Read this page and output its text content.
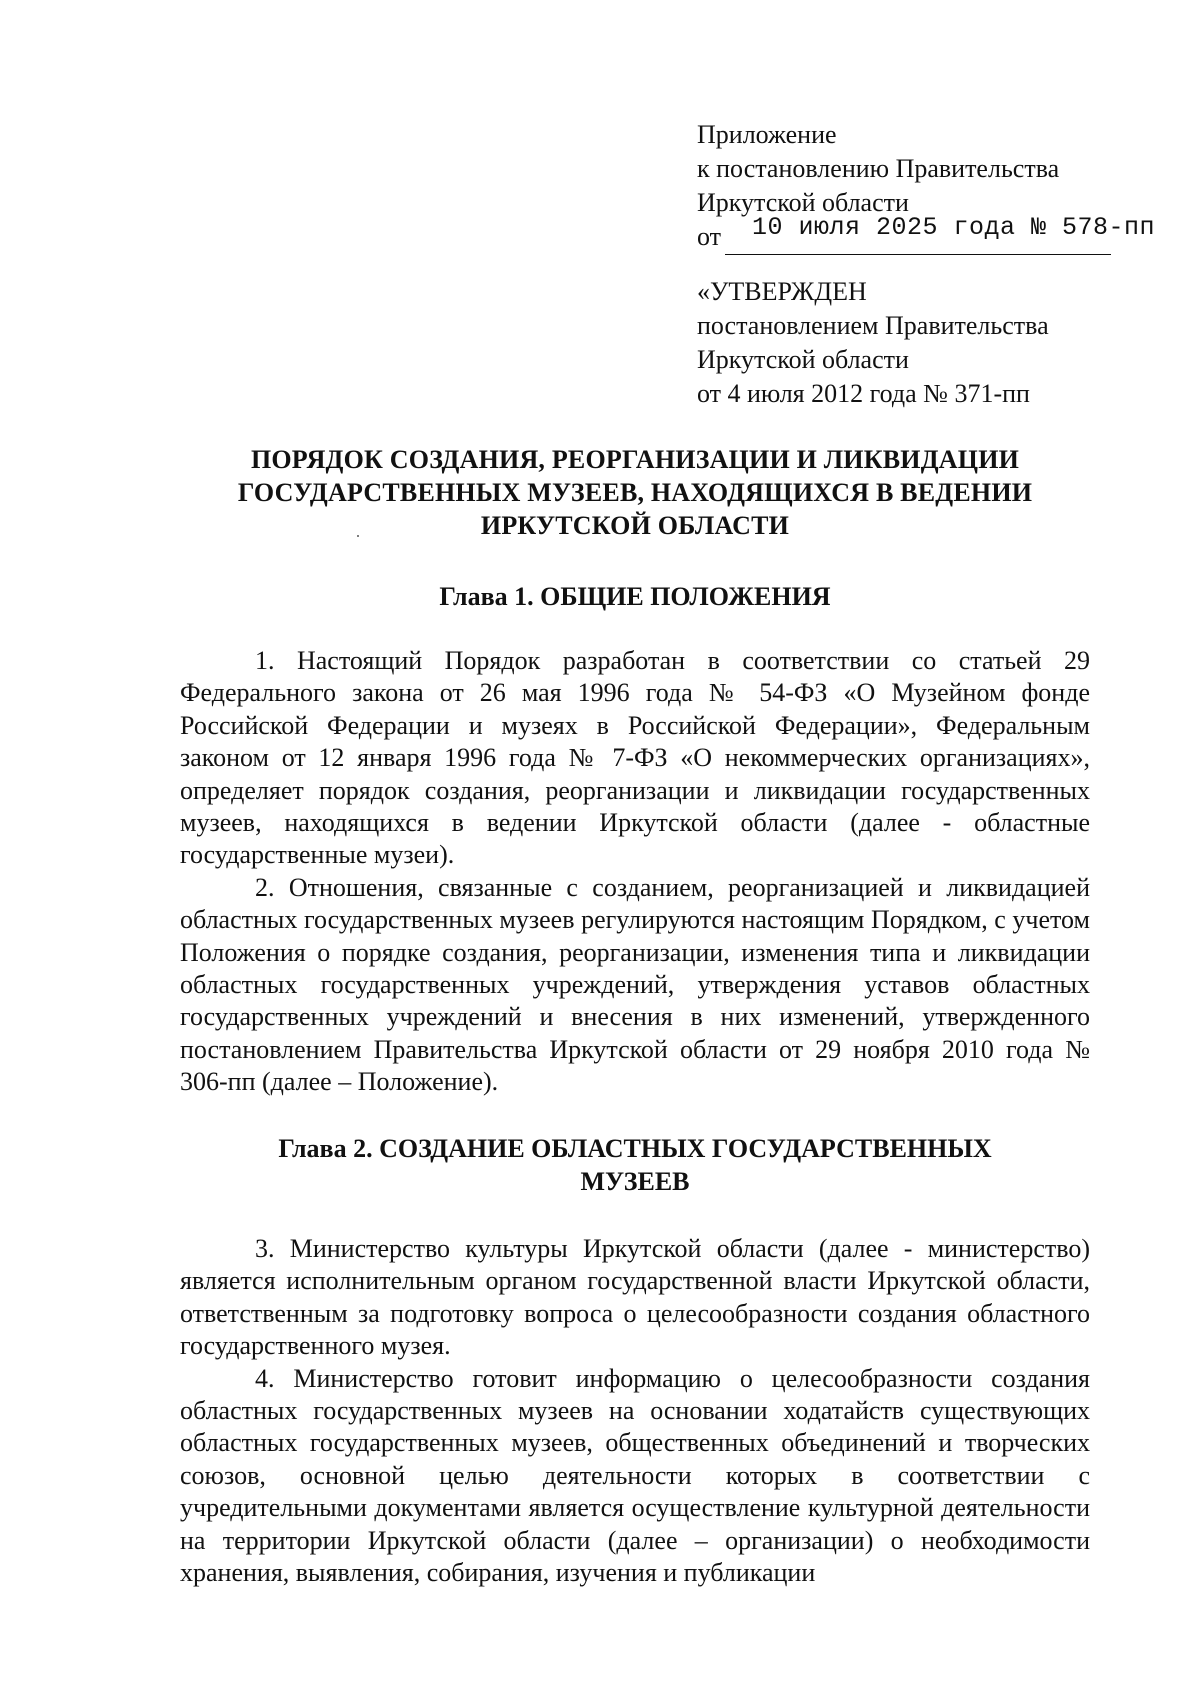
Приложение
к постановлению Правительства
Иркутской области
от 10 июля 2025 года № 578-пп
«УТВЕРЖДЕН
постановлением Правительства
Иркутской области
от 4 июля 2012 года № 371-пп
ПОРЯДОК СОЗДАНИЯ, РЕОРГАНИЗАЦИИ И ЛИКВИДАЦИИ
ГОСУДАРСТВЕННЫХ МУЗЕЕВ, НАХОДЯЩИХСЯ В ВЕДЕНИИ
ИРКУТСКОЙ ОБЛАСТИ
Глава 1. ОБЩИЕ ПОЛОЖЕНИЯ

1. Настоящий Порядок разработан в соответствии со статьей 29 Федерального закона от 26 мая 1996 года № 54-ФЗ «О Музейном фонде Российской Федерации и музеях в Российской Федерации», Федеральным законом от 12 января 1996 года № 7-ФЗ «О некоммерческих организациях», определяет порядок создания, реорганизации и ликвидации государственных музеев, находящихся в ведении Иркутской области (далее - областные государственные музеи).

2. Отношения, связанные с созданием, реорганизацией и ликвидацией областных государственных музеев регулируются настоящим Порядком, с учетом Положения о порядке создания, реорганизации, изменения типа и ликвидации областных государственных учреждений, утверждения уставов областных государственных учреждений и внесения в них изменений, утвержденного постановлением Правительства Иркутской области от 29 ноября 2010 года № 306-пп (далее – Положение).

Глава 2. СОЗДАНИЕ ОБЛАСТНЫХ ГОСУДАРСТВЕННЫХ
МУЗЕЕВ

3. Министерство культуры Иркутской области (далее - министерство) является исполнительным органом государственной власти Иркутской области, ответственным за подготовку вопроса о целесообразности создания областного государственного музея.

4. Министерство готовит информацию о целесообразности создания областных государственных музеев на основании ходатайств существующих областных государственных музеев, общественных объединений и творческих союзов, основной целью деятельности которых в соответствии с учредительными документами является осуществление культурной деятельности на территории Иркутской области (далее – организации) о необходимости хранения, выявления, собирания, изучения и публикации
